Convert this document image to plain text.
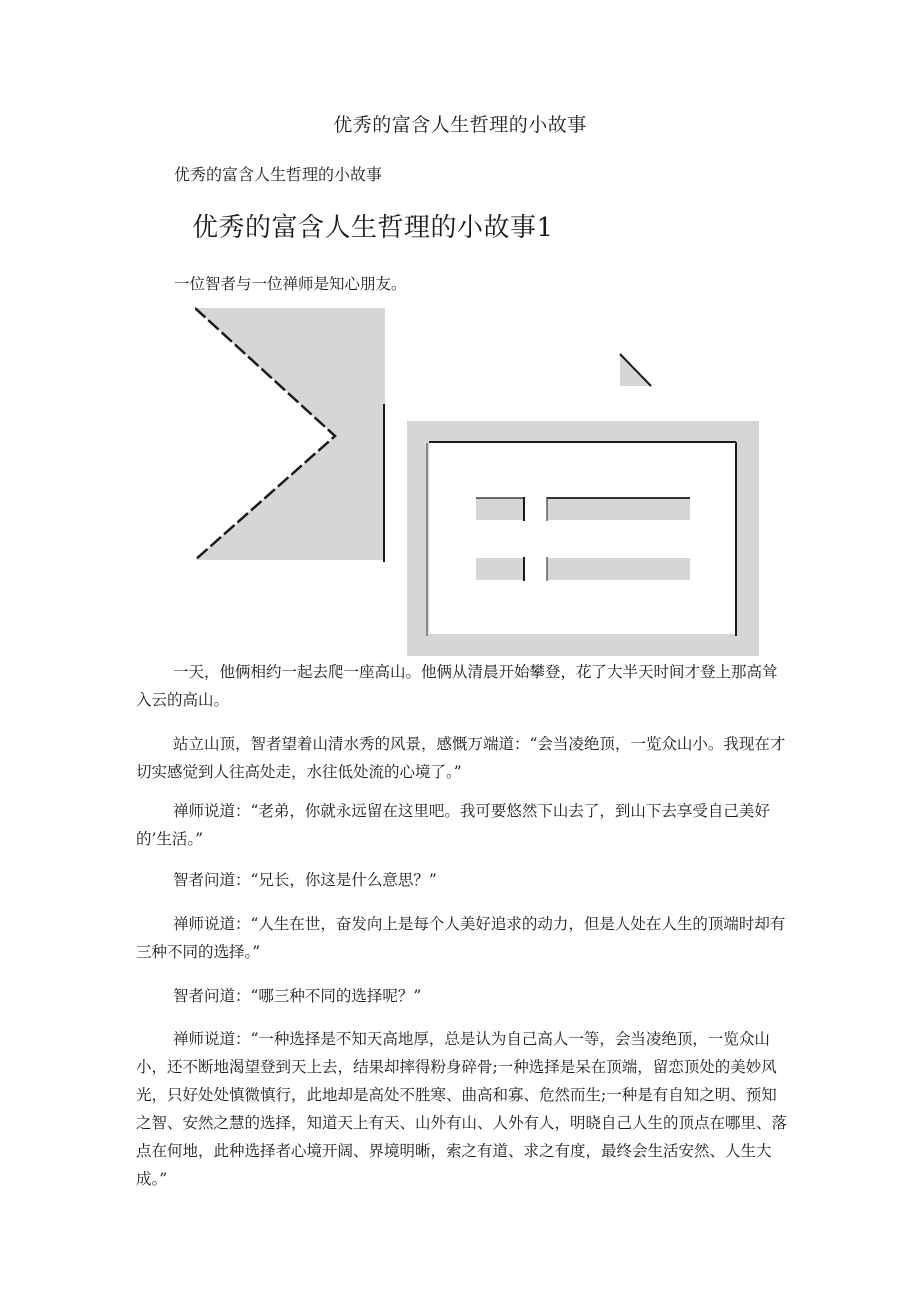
优秀的富含人生哲理的小故事

优秀的富含人生哲理的小故事

优秀的富含人生哲理的小故事1

一位智者与一位禅师是知心朋友。

一天，他俩相约一起去爬一座高山。他俩从清晨开始攀登，花了大半天时间才登上那高耸入云的高山。

站立山顶，智者望着山清水秀的风景，感慨万端道：“会当凌绝顶，一览众山小。我现在才切实感觉到人往高处走，水往低处流的心境了。”

禅师说道：“老弟，你就永远留在这里吧。我可要悠然下山去了，到山下去享受自己美好的’生活。”

智者问道：“兄长，你这是什么意思？”

禅师说道：“人生在世，奋发向上是每个人美好追求的动力，但是人处在人生的顶端时却有三种不同的选择。”

智者问道：“哪三种不同的选择呢？”

禅师说道：“一种选择是不知天高地厚，总是认为自己高人一等，会当凌绝顶，一览众山小，还不断地渴望登到天上去，结果却摔得粉身碎骨;一种选择是呆在顶端，留恋顶处的美妙风光，只好处处慎微慎行，此地却是高处不胜寒、曲高和寡、危然而生;一种是有自知之明、预知之智、安然之慧的选择，知道天上有天、山外有山、人外有人，明晓自己人生的顶点在哪里、落点在何地，此种选择者心境开阔、界境明晰，索之有道、求之有度，最终会生活安然、人生大成。”
